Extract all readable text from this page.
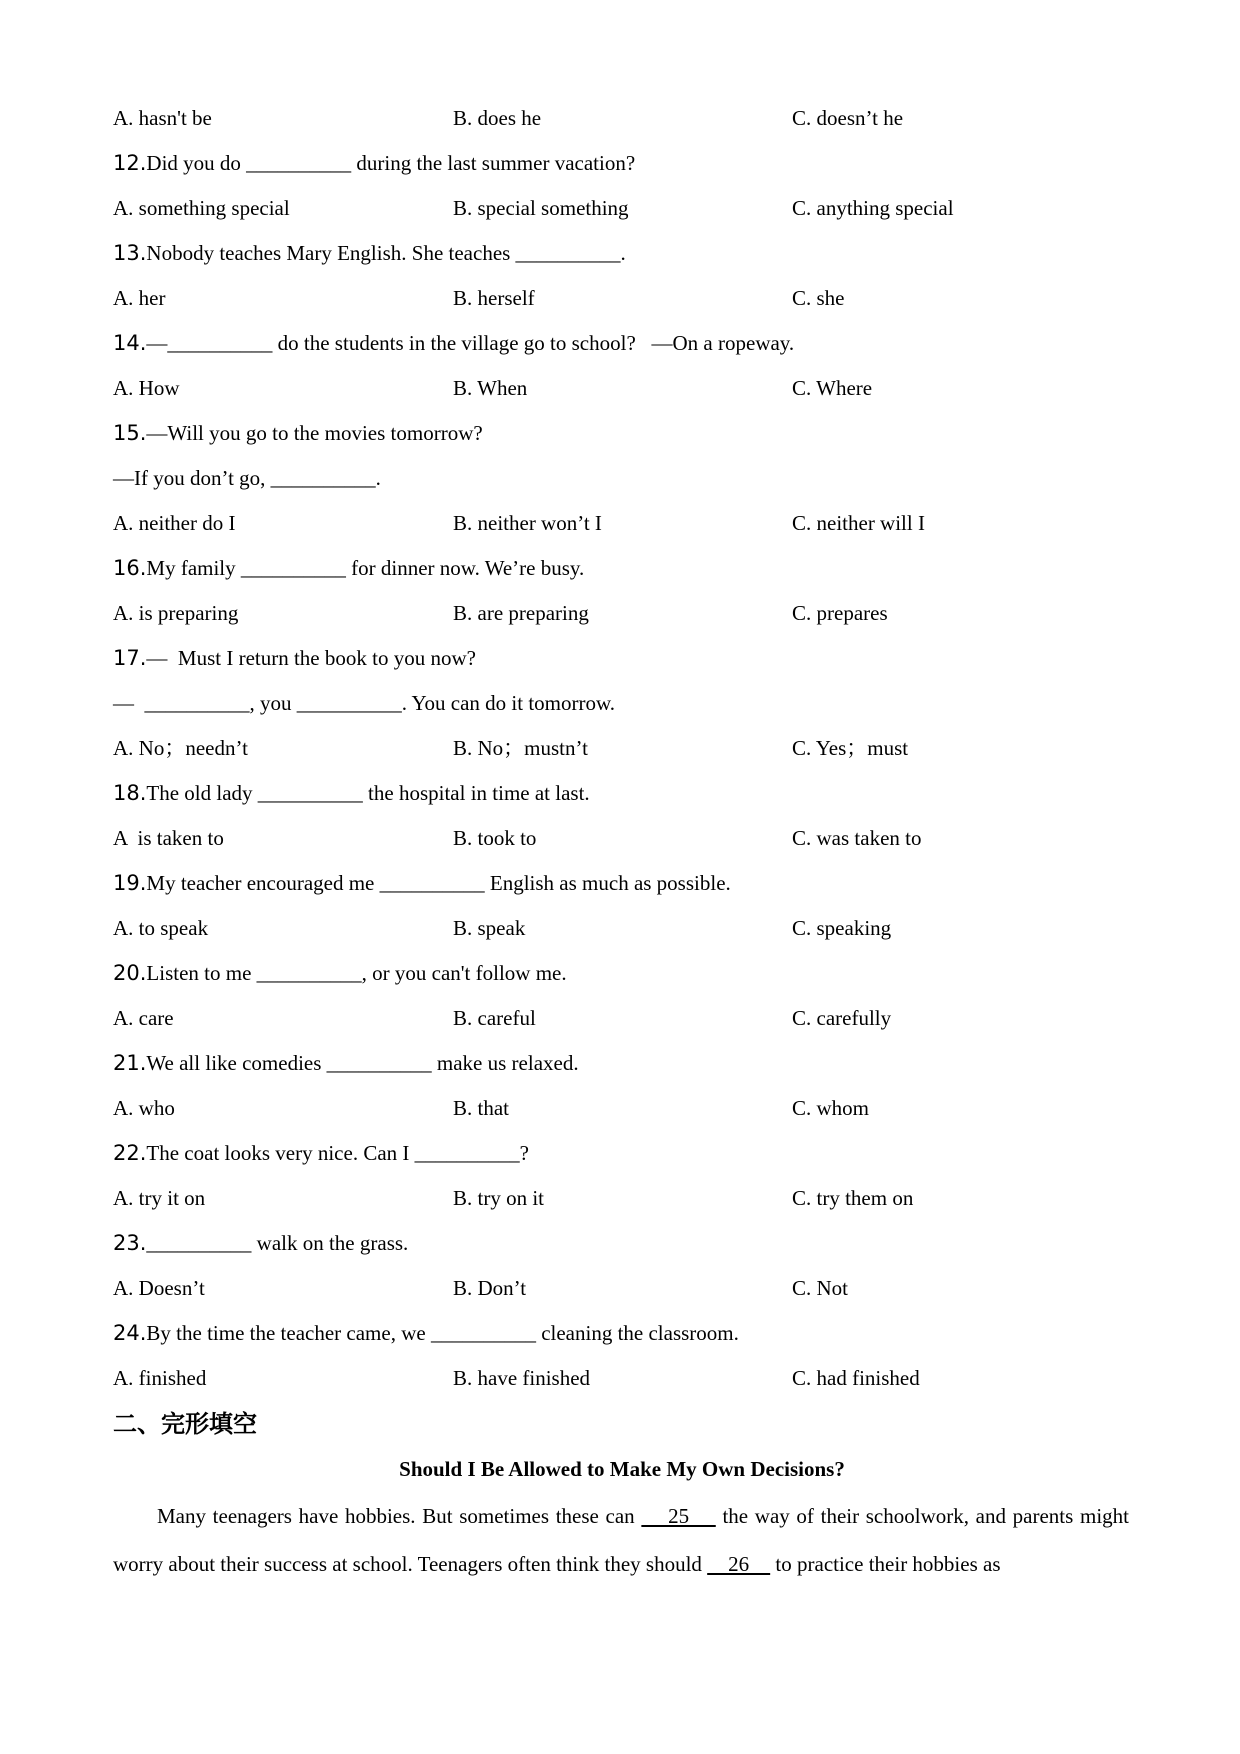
A. hasn't be	B. does he	C. doesn’t he
12.Did you do __________ during the last summer vacation?
A. something special	B. special something	C. anything special
13.Nobody teaches Mary English. She teaches __________.
A. her	B. herself	C. she
14.—__________ do the students in the village go to school?   —On a ropeway.
A. How	B. When	C. Where
15.—Will you go to the movies tomorrow?
—If you don’t go, __________.
A. neither do I	B. neither won’t I	C. neither will I
16.My family __________ for dinner now. We’re busy.
A. is preparing	B. are preparing	C. prepares
17.—  Must I return the book to you now?
—  __________, you __________. You can do it tomorrow.
A. No；needn’t	B. No；mustn’t	C. Yes；must
18.The old lady __________ the hospital in time at last.
A  is taken to	B. took to	C. was taken to
19.My teacher encouraged me __________ English as much as possible.
A. to speak	B. speak	C. speaking
20.Listen to me __________, or you can't follow me.
A. care	B. careful	C. carefully
21.We all like comedies __________ make us relaxed.
A. who	B. that	C. whom
22.The coat looks very nice. Can I __________?
A. try it on	B. try on it	C. try them on
23.__________ walk on the grass.
A. Doesn’t	B. Don’t	C. Not
24.By the time the teacher came, we __________ cleaning the classroom.
A. finished	B. have finished	C. had finished
二、完形填空
Should I Be Allowed to Make My Own Decisions?

Many teenagers have hobbies. But sometimes these can     25     the way of their schoolwork, and parents might worry about their success at school. Teenagers often think they should     26     to practice their hobbies as
